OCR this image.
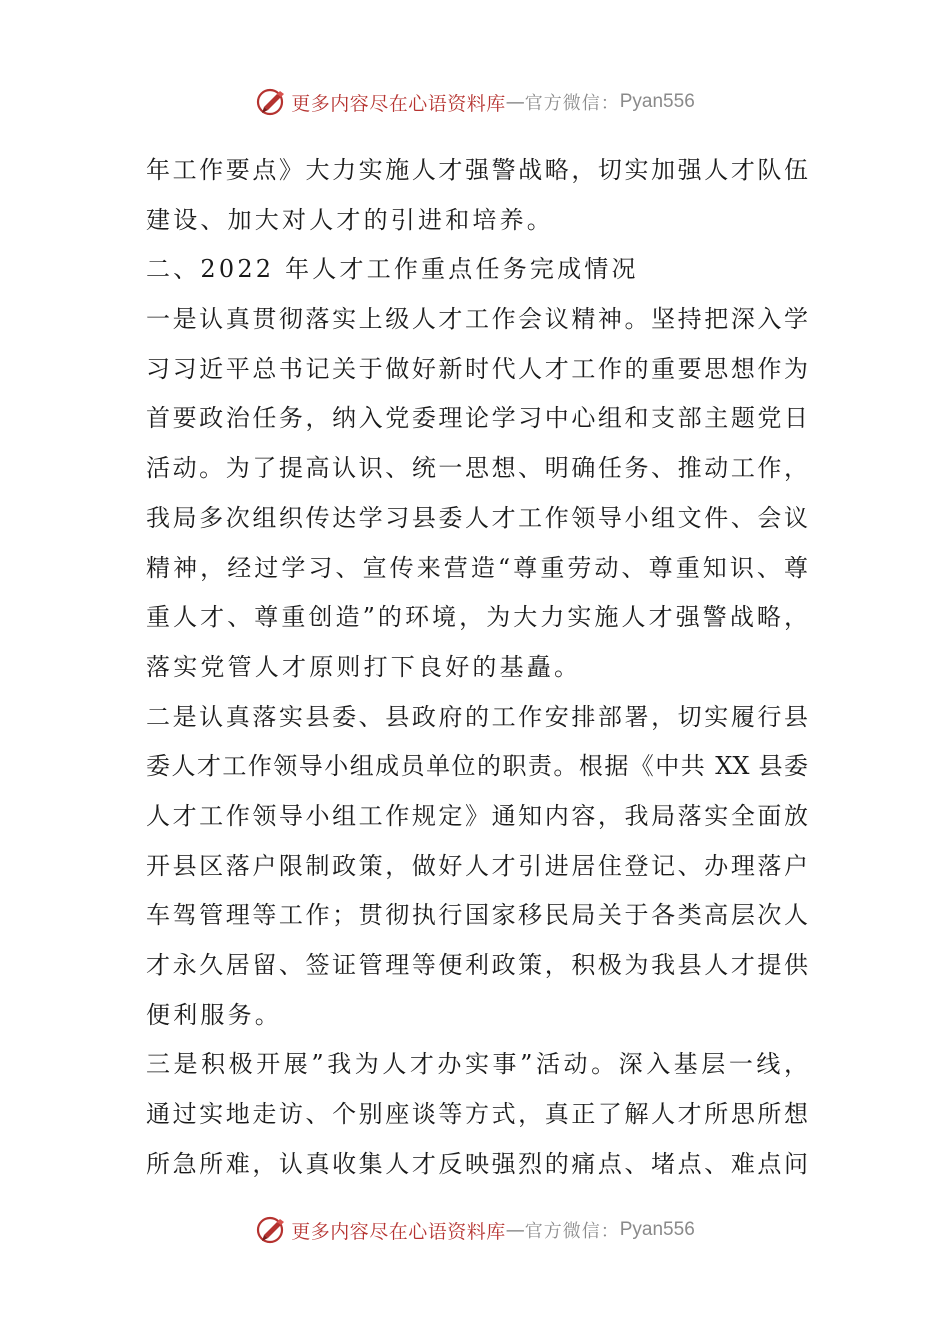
更多内容尽在心语资料库 — 官方微信： Pyan556
年工作要点》大力实施人才强警战略，切实加强人才队伍
建设、加大对人才的引进和培养。
二、2022 年人才工作重点任务完成情况
一是认真贯彻落实上级人才工作会议精神。坚持把深入学
习习近平总书记关于做好新时代人才工作的重要思想作为
首要政治任务，纳入党委理论学习中心组和支部主题党日
活动。为了提高认识、统一思想、明确任务、推动工作，
我局多次组织传达学习县委人才工作领导小组文件、会议
精神，经过学习、宣传来营造“尊重劳动、尊重知识、尊
重人才、尊重创造”的环境，为大力实施人才强警战略，
落实党管人才原则打下良好的基矗。
二是认真落实县委、县政府的工作安排部署，切实履行县
委人才工作领导小组成员单位的职责。根据《中共 XX 县委
人才工作领导小组工作规定》通知内容，我局落实全面放
开县区落户限制政策，做好人才引进居住登记、办理落户
车驾管理等工作；贯彻执行国家移民局关于各类高层次人
才永久居留、签证管理等便利政策，积极为我县人才提供
便利服务。
三是积极开展”我为人才办实事”活动。深入基层一线，
通过实地走访、个别座谈等方式，真正了解人才所思所想
所急所难，认真收集人才反映强烈的痛点、堵点、难点问
更多内容尽在心语资料库 — 官方微信： Pyan556
